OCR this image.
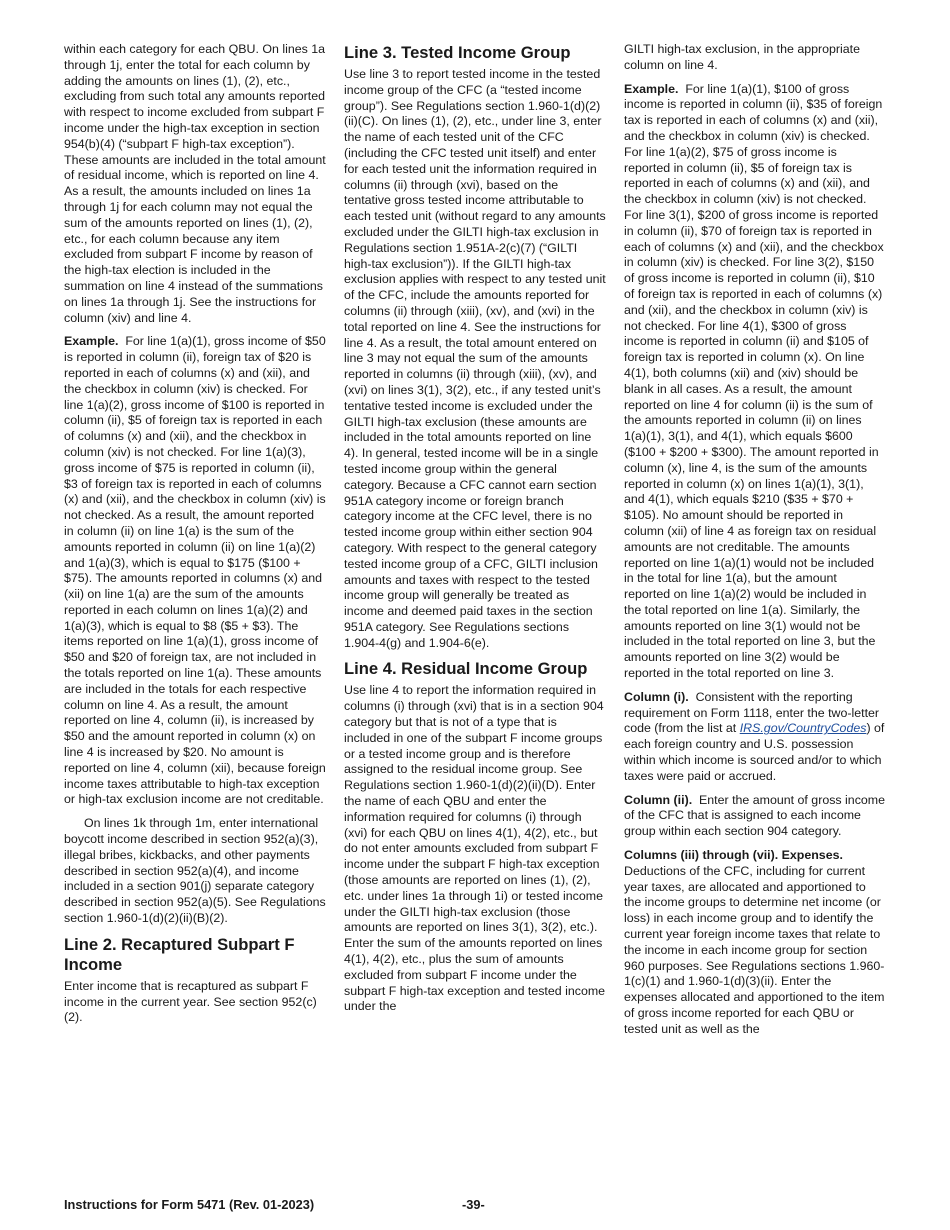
within each category for each QBU. On lines 1a through 1j, enter the total for each column by adding the amounts on lines (1), (2), etc., excluding from such total any amounts reported with respect to income excluded from subpart F income under the high-tax exception in section 954(b)(4) (“subpart F high-tax exception”). These amounts are included in the total amount of residual income, which is reported on line 4. As a result, the amounts included on lines 1a through 1j for each column may not equal the sum of the amounts reported on lines (1), (2), etc., for each column because any item excluded from subpart F income by reason of the high-tax election is included in the summation on line 4 instead of the summations on lines 1a through 1j. See the instructions for column (xiv) and line 4.

Example. For line 1(a)(1), gross income of $50 is reported in column (ii), foreign tax of $20 is reported in each of columns (x) and (xii), and the checkbox in column (xiv) is checked. For line 1(a)(2), gross income of $100 is reported in column (ii), $5 of foreign tax is reported in each of columns (x) and (xii), and the checkbox in column (xiv) is not checked. For line 1(a)(3), gross income of $75 is reported in column (ii), $3 of foreign tax is reported in each of columns (x) and (xii), and the checkbox in column (xiv) is not checked. As a result, the amount reported in column (ii) on line 1(a) is the sum of the amounts reported in column (ii) on line 1(a)(2) and 1(a)(3), which is equal to $175 ($100 + $75). The amounts reported in columns (x) and (xii) on line 1(a) are the sum of the amounts reported in each column on lines 1(a)(2) and 1(a)(3), which is equal to $8 ($5 + $3). The items reported on line 1(a)(1), gross income of $50 and $20 of foreign tax, are not included in the totals reported on line 1(a). These amounts are included in the totals for each respective column on line 4. As a result, the amount reported on line 4, column (ii), is increased by $50 and the amount reported in column (x) on line 4 is increased by $20. No amount is reported on line 4, column (xii), because foreign income taxes attributable to high-tax exception or high-tax exclusion income are not creditable.

On lines 1k through 1m, enter international boycott income described in section 952(a)(3), illegal bribes, kickbacks, and other payments described in section 952(a)(4), and income included in a section 901(j) separate category described in section 952(a)(5). See Regulations section 1.960-1(d)(2)(ii)(B)(2).

Line 2. Recaptured Subpart F Income

Enter income that is recaptured as subpart F income in the current year. See section 952(c)(2).

Line 3. Tested Income Group

Use line 3 to report tested income in the tested income group of the CFC (a “tested income group”). See Regulations section 1.960-1(d)(2)(ii)(C). On lines (1), (2), etc., under line 3, enter the name of each tested unit of the CFC (including the CFC tested unit itself) and enter for each tested unit the information required in columns (ii) through (xvi), based on the tentative gross tested income attributable to each tested unit (without regard to any amounts excluded under the GILTI high-tax exclusion in Regulations section 1.951A-2(c)(7) (“GILTI high-tax exclusion”)). If the GILTI high-tax exclusion applies with respect to any tested unit of the CFC, include the amounts reported for columns (ii) through (xiii), (xv), and (xvi) in the total reported on line 4. See the instructions for line 4. As a result, the total amount entered on line 3 may not equal the sum of the amounts reported in columns (ii) through (xiii), (xv), and (xvi) on lines 3(1), 3(2), etc., if any tested unit’s tentative tested income is excluded under the GILTI high-tax exclusion (these amounts are included in the total amounts reported on line 4). In general, tested income will be in a single tested income group within the general category. Because a CFC cannot earn section 951A category income or foreign branch category income at the CFC level, there is no tested income group within either section 904 category. With respect to the general category tested income group of a CFC, GILTI inclusion amounts and taxes with respect to the tested income group will generally be treated as income and deemed paid taxes in the section 951A category. See Regulations sections 1.904-4(g) and 1.904-6(e).

Line 4. Residual Income Group

Use line 4 to report the information required in columns (i) through (xvi) that is in a section 904 category but that is not of a type that is included in one of the subpart F income groups or a tested income group and is therefore assigned to the residual income group. See Regulations section 1.960-1(d)(2)(ii)(D). Enter the name of each QBU and enter the information required for columns (i) through (xvi) for each QBU on lines 4(1), 4(2), etc., but do not enter amounts excluded from subpart F income under the subpart F high-tax exception (those amounts are reported on lines (1), (2), etc. under lines 1a through 1i) or tested income under the GILTI high-tax exclusion (those amounts are reported on lines 3(1), 3(2), etc.). Enter the sum of the amounts reported on lines 4(1), 4(2), etc., plus the sum of amounts excluded from subpart F income under the subpart F high-tax exception and tested income under the

GILTI high-tax exclusion, in the appropriate column on line 4.

Example. For line 1(a)(1), $100 of gross income is reported in column (ii), $35 of foreign tax is reported in each of columns (x) and (xii), and the checkbox in column (xiv) is checked. For line 1(a)(2), $75 of gross income is reported in column (ii), $5 of foreign tax is reported in each of columns (x) and (xii), and the checkbox in column (xiv) is not checked. For line 3(1), $200 of gross income is reported in column (ii), $70 of foreign tax is reported in each of columns (x) and (xii), and the checkbox in column (xiv) is checked. For line 3(2), $150 of gross income is reported in column (ii), $10 of foreign tax is reported in each of columns (x) and (xii), and the checkbox in column (xiv) is not checked. For line 4(1), $300 of gross income is reported in column (ii) and $105 of foreign tax is reported in column (x). On line 4(1), both columns (xii) and (xiv) should be blank in all cases. As a result, the amount reported on line 4 for column (ii) is the sum of the amounts reported in column (ii) on lines 1(a)(1), 3(1), and 4(1), which equals $600 ($100 + $200 + $300). The amount reported in column (x), line 4, is the sum of the amounts reported in column (x) on lines 1(a)(1), 3(1), and 4(1), which equals $210 ($35 + $70 + $105). No amount should be reported in column (xii) of line 4 as foreign tax on residual amounts are not creditable. The amounts reported on line 1(a)(1) would not be included in the total for line 1(a), but the amount reported on line 1(a)(2) would be included in the total reported on line 1(a). Similarly, the amounts reported on line 3(1) would not be included in the total reported on line 3, but the amounts reported on line 3(2) would be reported in the total reported on line 3.

Column (i). Consistent with the reporting requirement on Form 1118, enter the two-letter code (from the list at IRS.gov/CountryCodes) of each foreign country and U.S. possession within which income is sourced and/or to which taxes were paid or accrued.

Column (ii). Enter the amount of gross income of the CFC that is assigned to each income group within each section 904 category.

Columns (iii) through (vii). Expenses. Deductions of the CFC, including for current year taxes, are allocated and apportioned to the income groups to determine net income (or loss) in each income group and to identify the current year foreign income taxes that relate to the income in each income group for section 960 purposes. See Regulations sections 1.960-1(c)(1) and 1.960-1(d)(3)(ii). Enter the expenses allocated and apportioned to the item of gross income reported for each QBU or tested unit as well as the

Instructions for Form 5471 (Rev. 01-2023)	-39-
